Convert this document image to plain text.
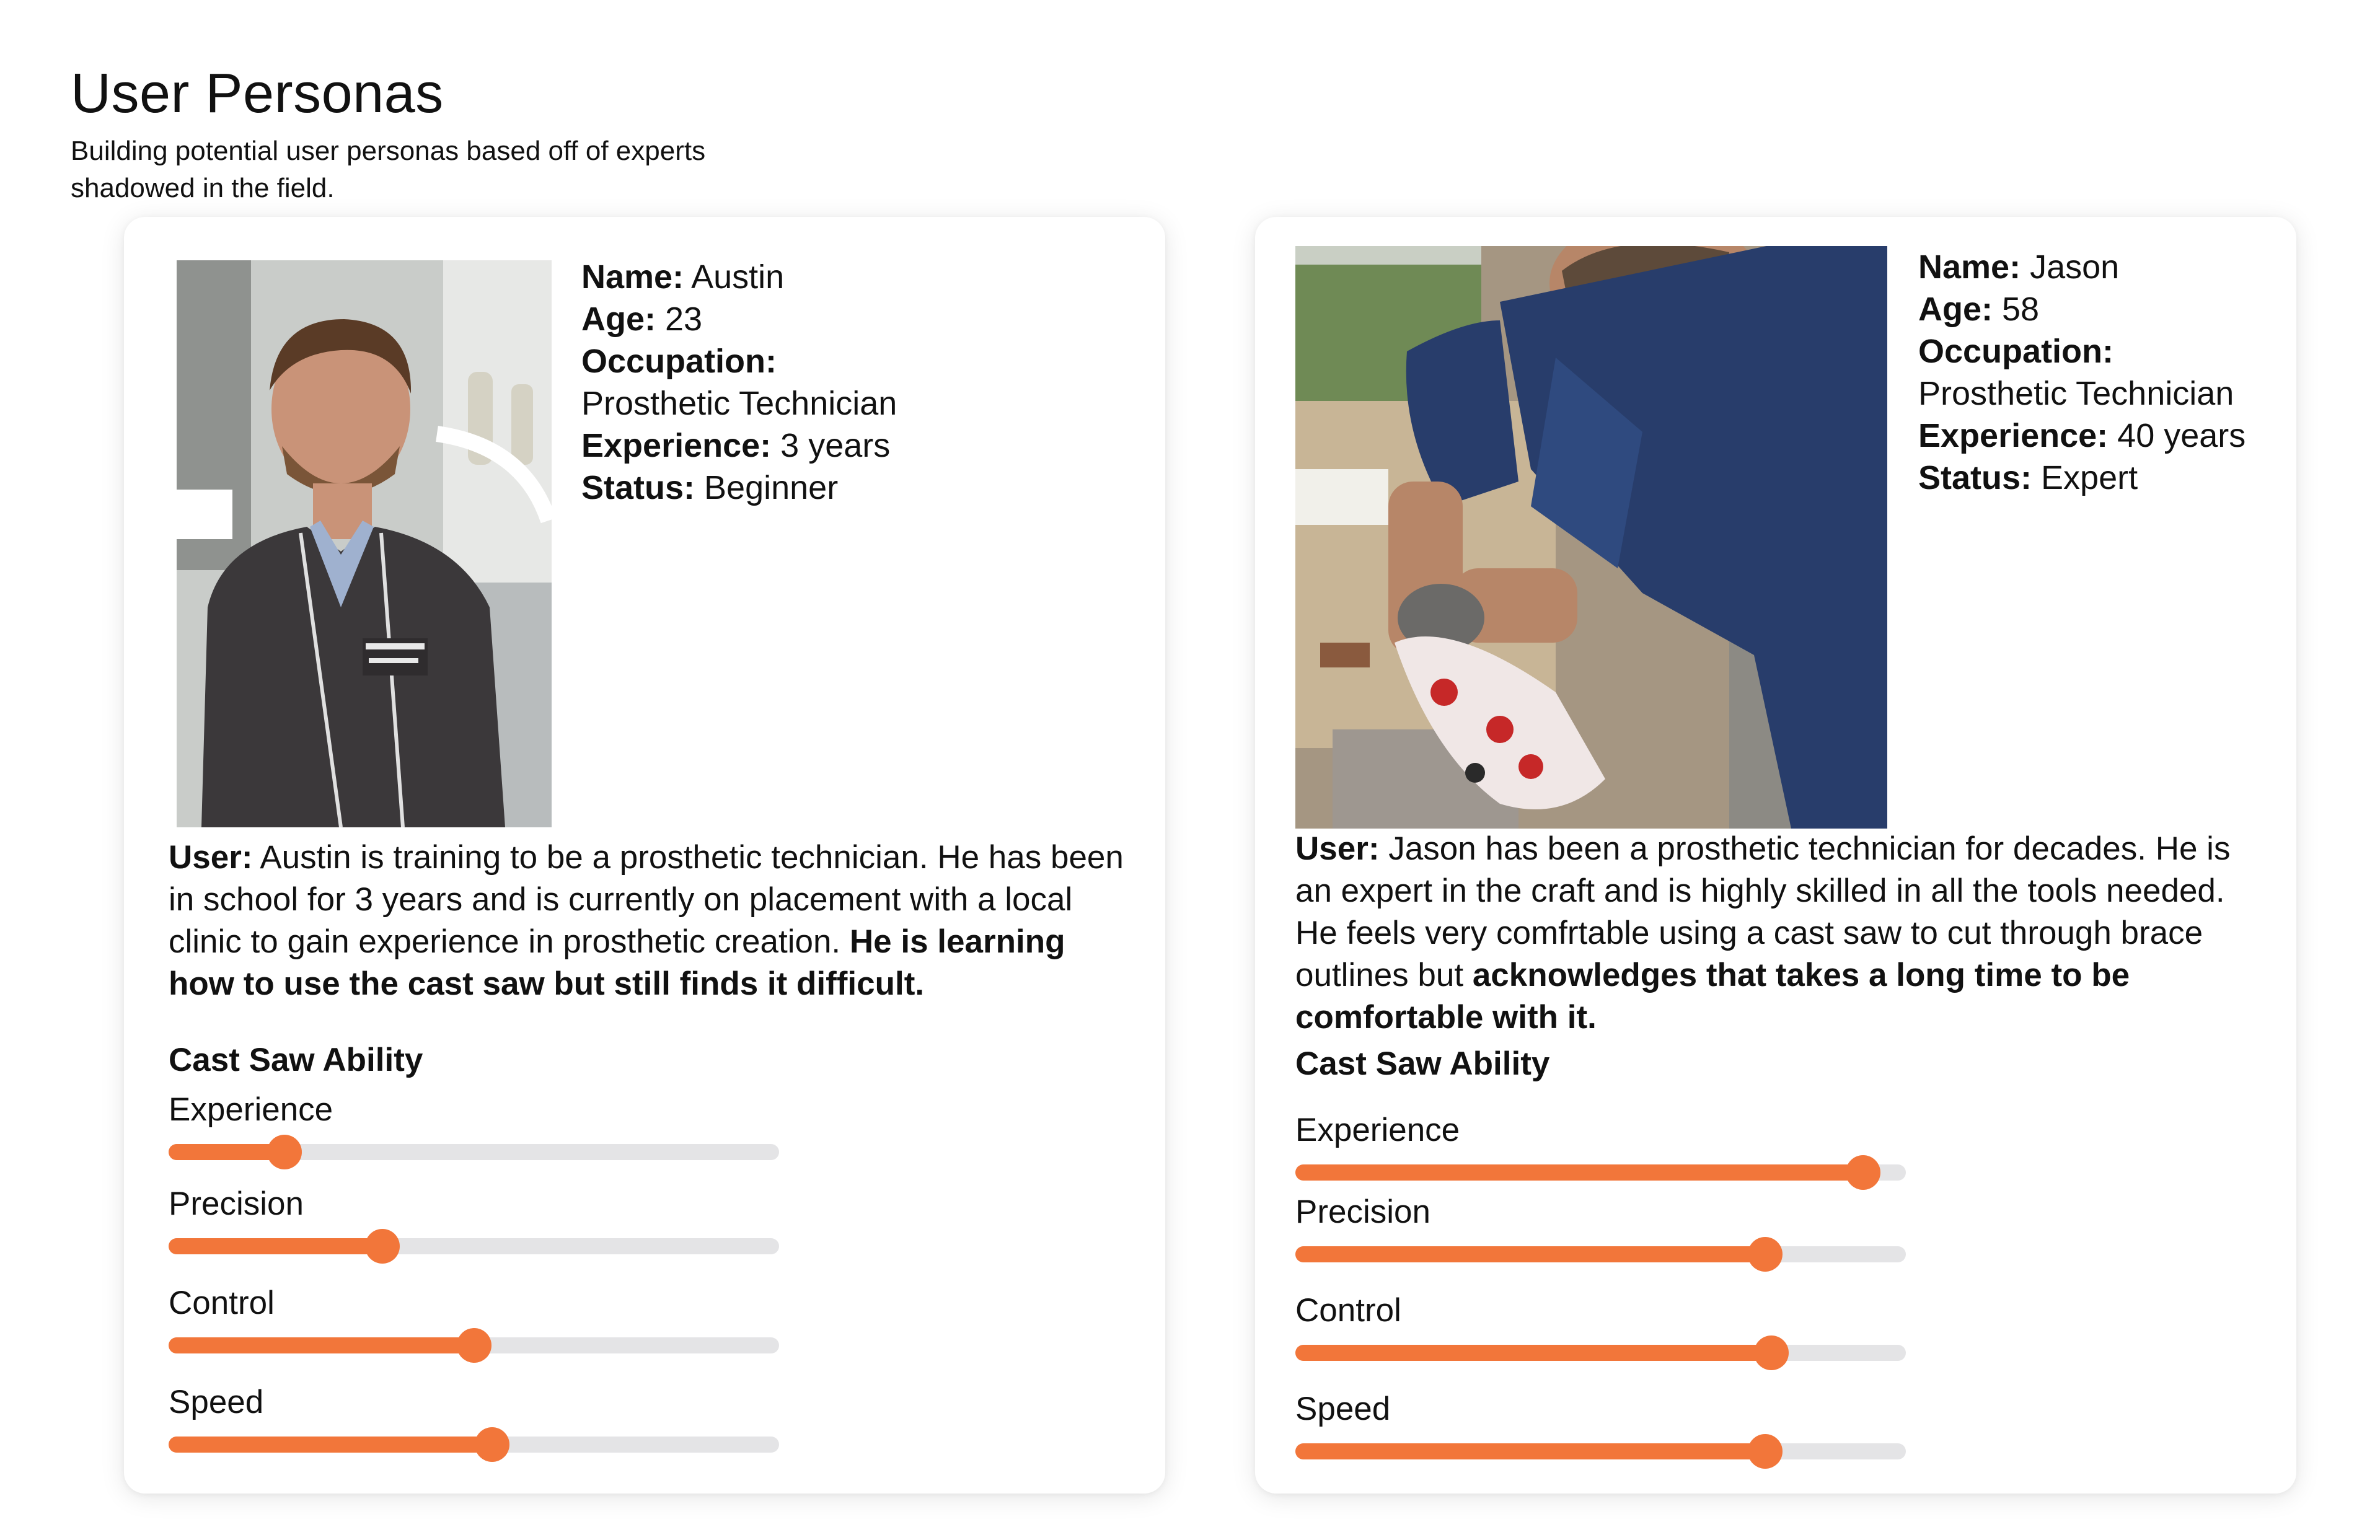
User Personas

Building potential user personas based off of experts shadowed in the field.

Name: Austin
Age: 23
Occupation:
Prosthetic Technician
Experience: 3 years
Status: Beginner
User: Austin is training to be a prosthetic technician. He has been in school for 3 years and is currently on placement with a local clinic to gain experience in prosthetic creation. He is learning how to use the cast saw but still finds it difficult.
Cast Saw Ability
Experience
Precision
Control
Speed
Name: Jason
Age: 58
Occupation:
Prosthetic Technician
Experience: 40 years
Status: Expert
User: Jason has been a prosthetic technician for decades. He is an expert in the craft and is highly skilled in all the tools needed. He feels very comfrtable using a cast saw to cut through brace outlines but acknowledges that takes a long time to be comfortable with it.
Cast Saw Ability
Experience
Precision
Control
Speed
